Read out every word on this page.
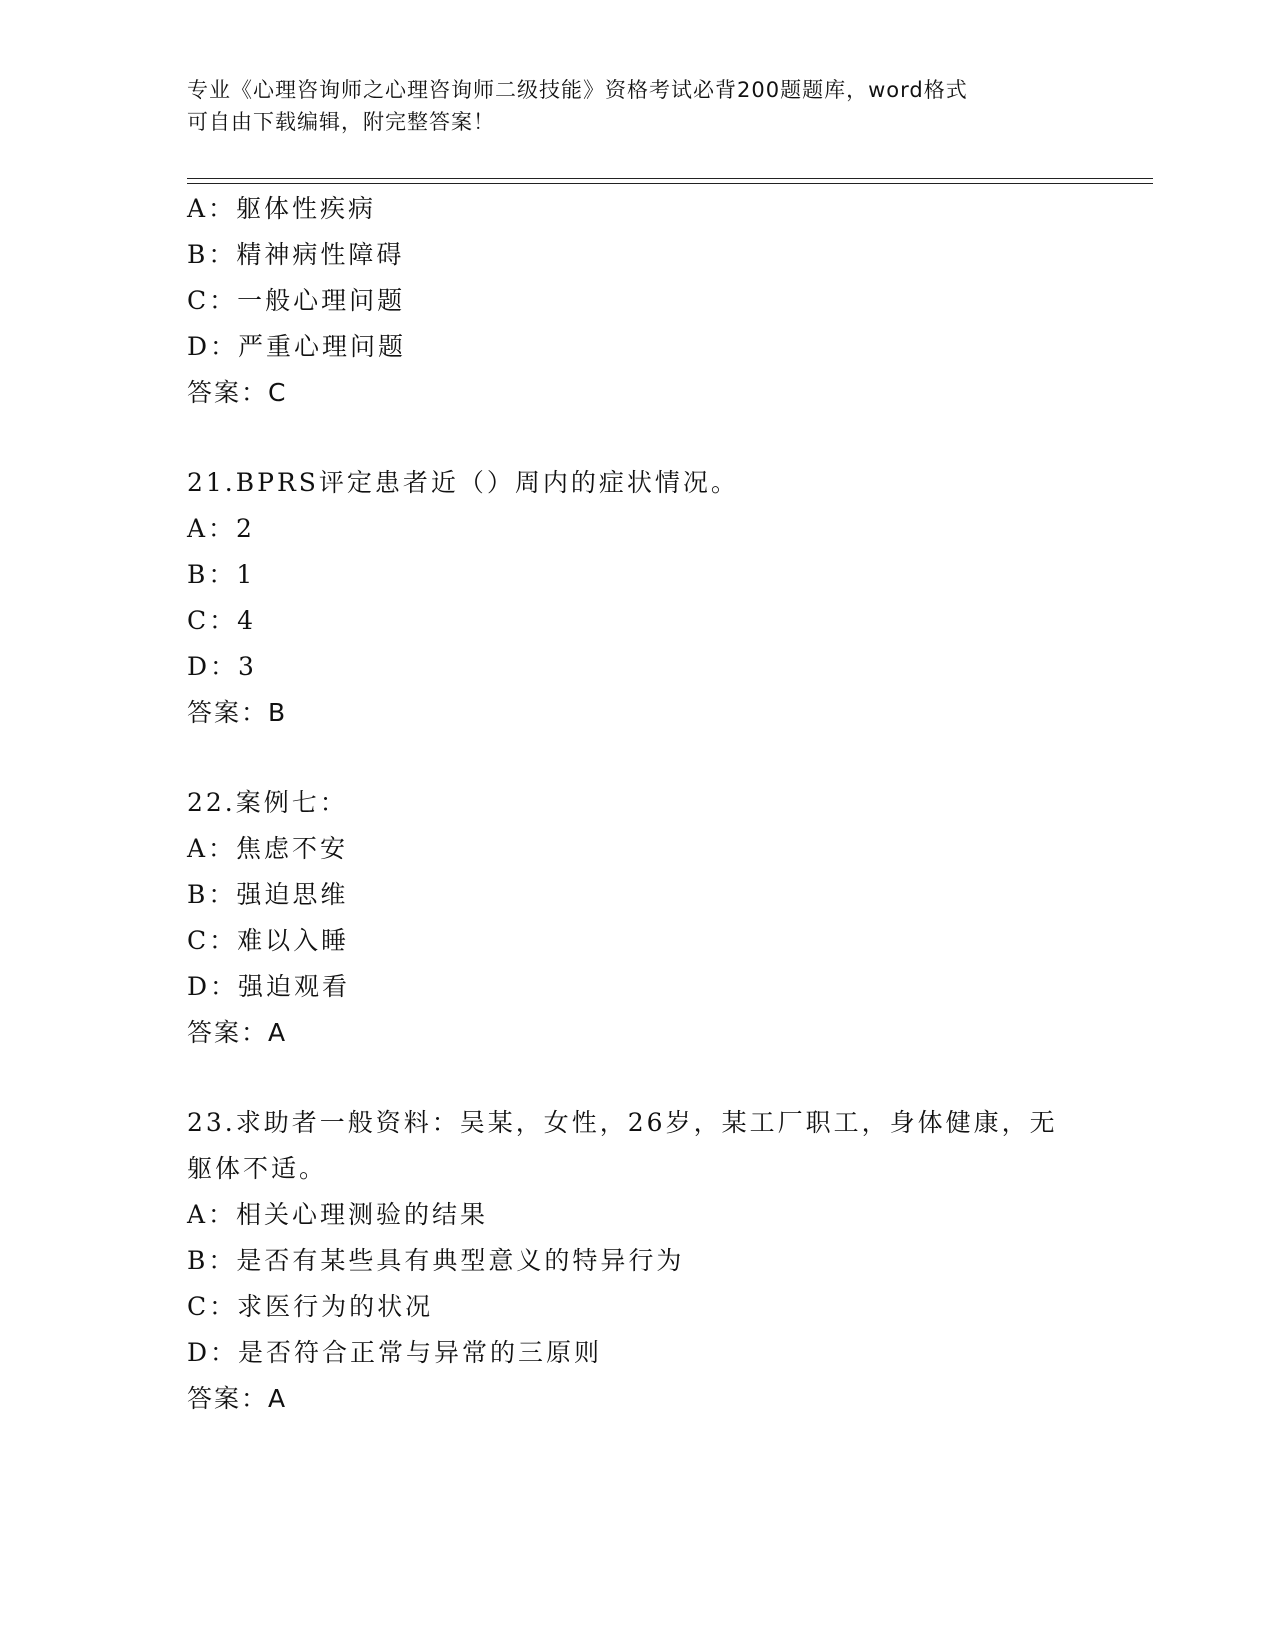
专业《心理咨询师之心理咨询师二级技能》资格考试必背200题题库，word格式
可自由下载编辑，附完整答案！
A：躯体性疾病
B：精神病性障碍
C：一般心理问题
D：严重心理问题
答案：C
21.BPRS评定患者近（）周内的症状情况。
A：2
B：1
C：4
D：3
答案：B
22.案例七：
A：焦虑不安
B：强迫思维
C：难以入睡
D：强迫观看
答案：A
23.求助者一般资料：吴某，女性，26岁，某工厂职工，身体健康，无
躯体不适。
A：相关心理测验的结果
B：是否有某些具有典型意义的特异行为
C：求医行为的状况
D：是否符合正常与异常的三原则
答案：A
